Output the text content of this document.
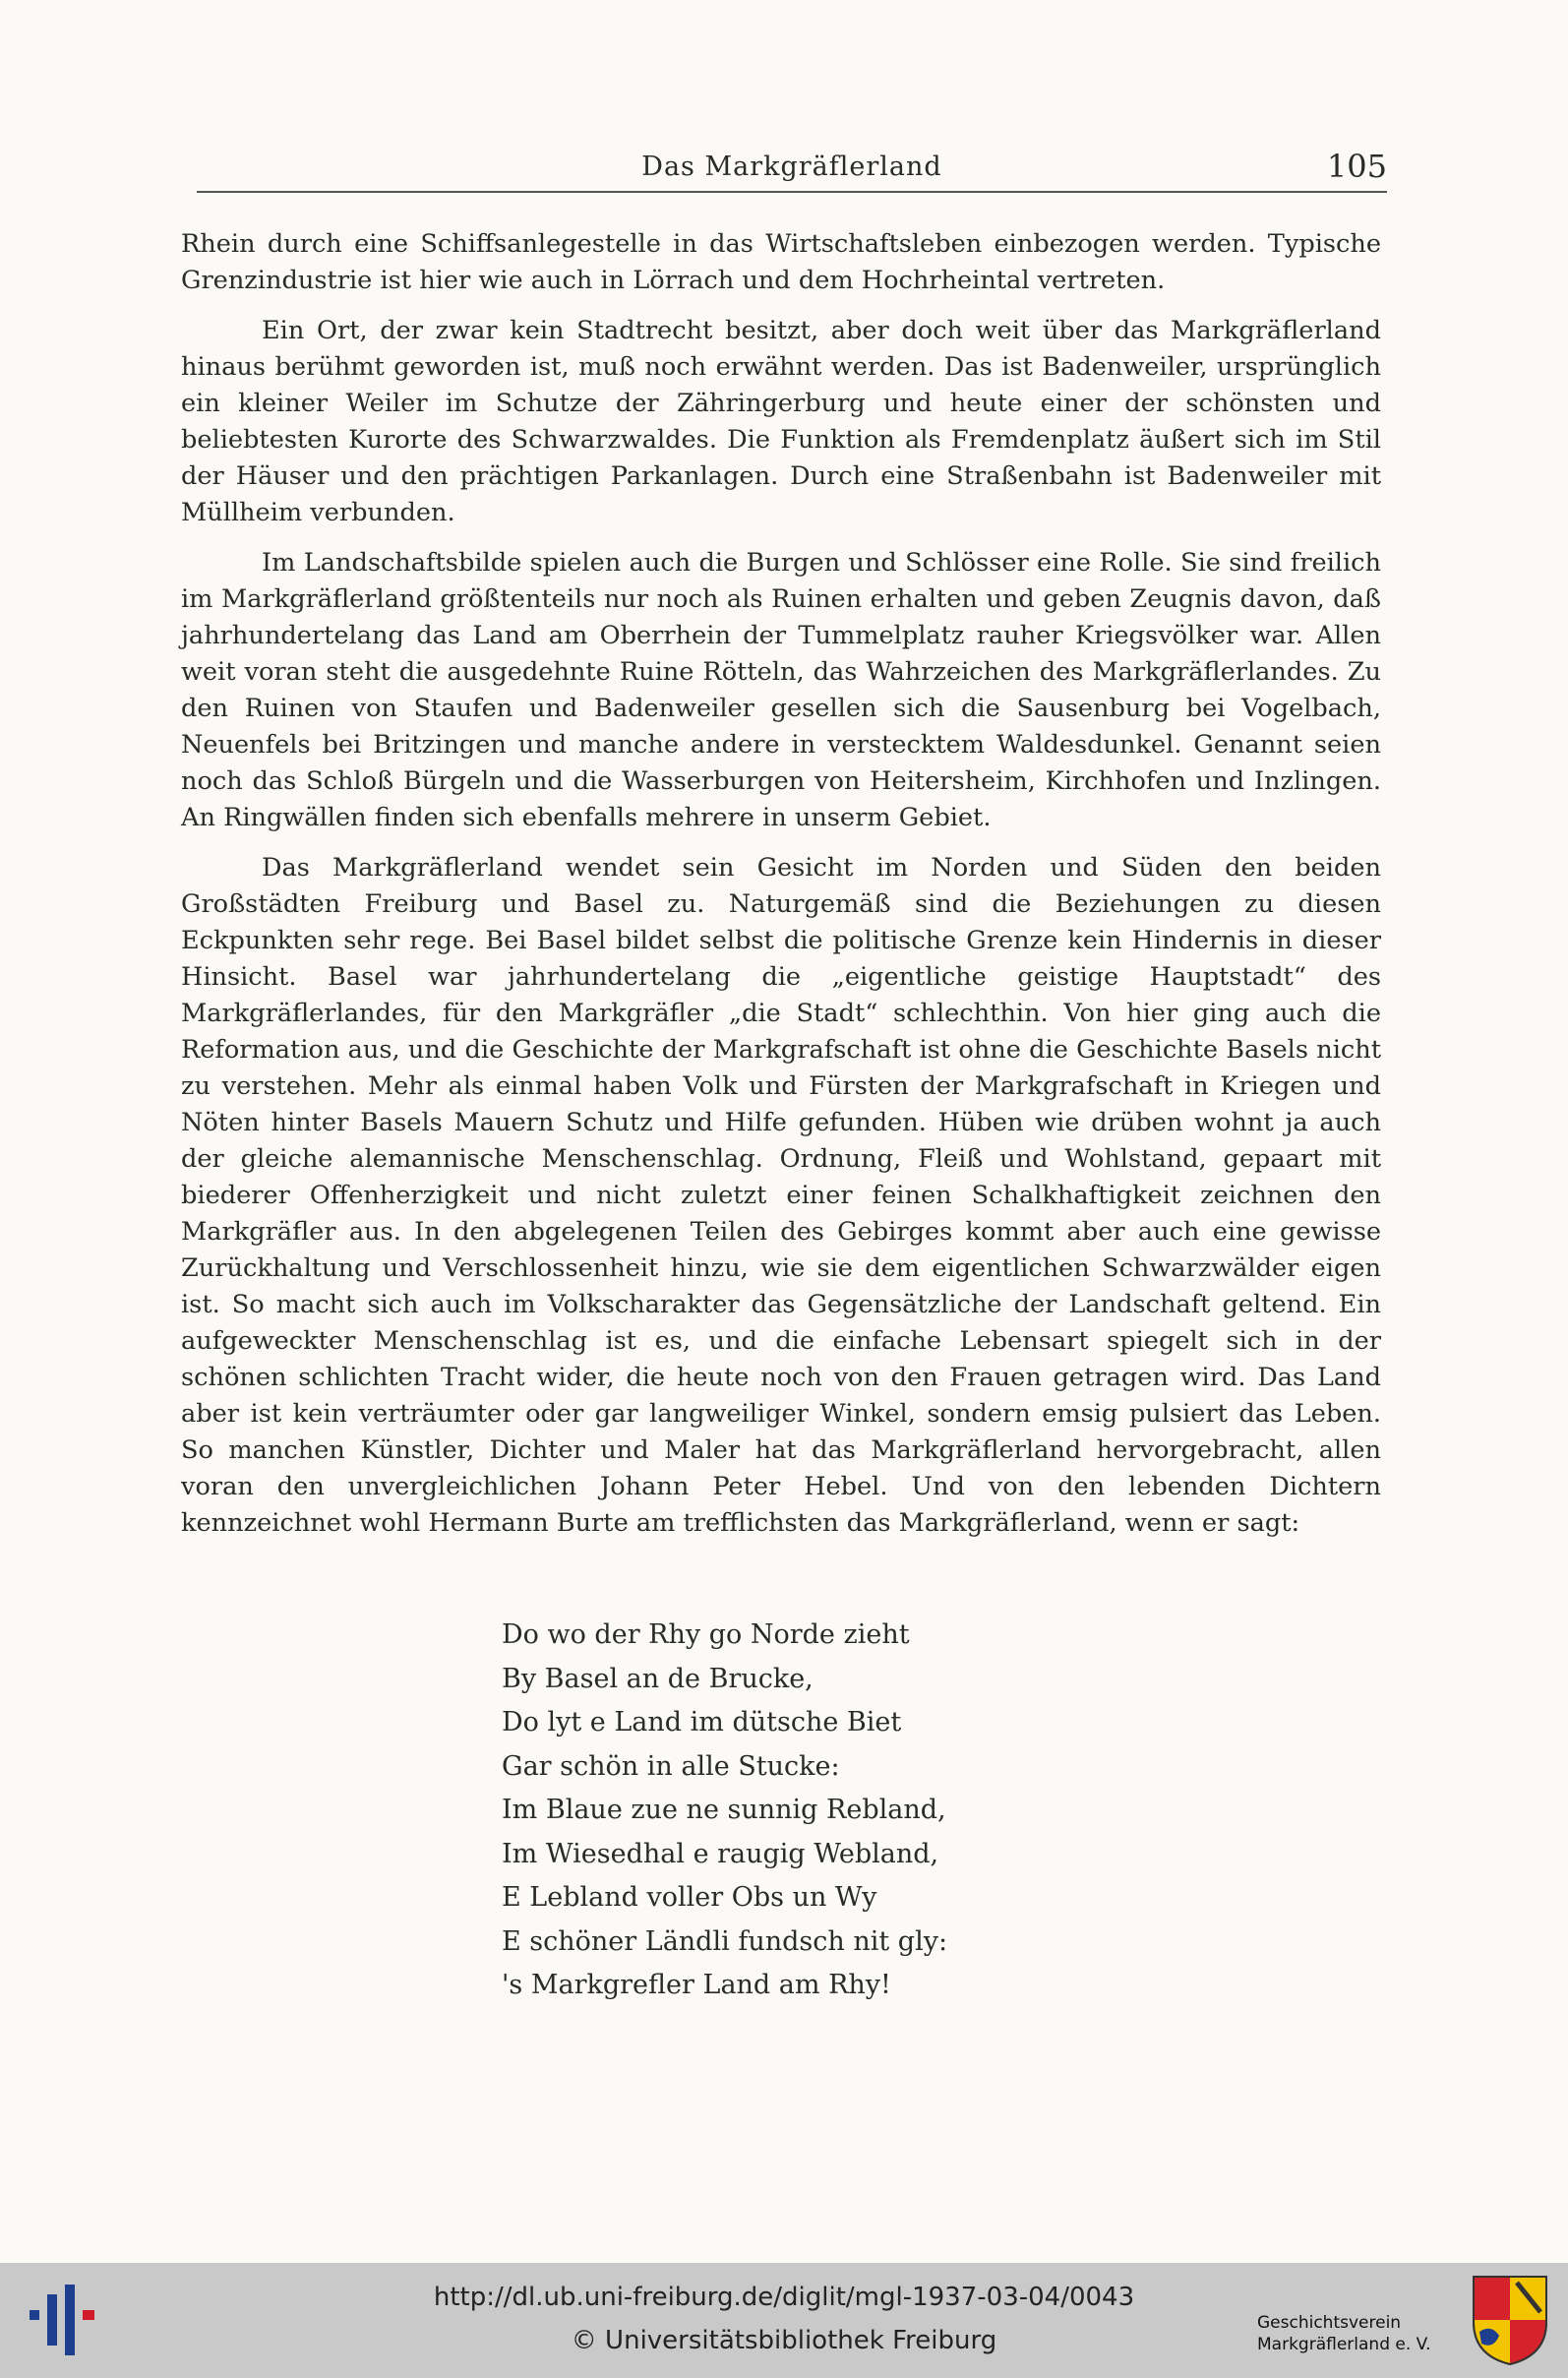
Das Markgräflerland	105

Rhein durch eine Schiffsanlegestelle in das Wirtschaftsleben einbezogen werden. Typische Grenzindustrie ist hier wie auch in Lörrach und dem Hochrheintal vertreten.

Ein Ort, der zwar kein Stadtrecht besitzt, aber doch weit über das Markgräflerland hinaus berühmt geworden ist, muß noch erwähnt werden. Das ist Badenweiler, ursprünglich ein kleiner Weiler im Schutze der Zähringerburg und heute einer der schönsten und beliebtesten Kurorte des Schwarzwaldes. Die Funktion als Fremdenplatz äußert sich im Stil der Häuser und den prächtigen Parkanlagen. Durch eine Straßenbahn ist Badenweiler mit Müllheim verbunden.

Im Landschaftsbilde spielen auch die Burgen und Schlösser eine Rolle. Sie sind freilich im Markgräflerland größtenteils nur noch als Ruinen erhalten und geben Zeugnis davon, daß jahrhundertelang das Land am Oberrhein der Tummelplatz rauher Kriegsvölker war. Allen weit voran steht die ausgedehnte Ruine Rötteln, das Wahrzeichen des Markgräflerlandes. Zu den Ruinen von Staufen und Badenweiler gesellen sich die Sausenburg bei Vogelbach, Neuenfels bei Britzingen und manche andere in verstecktem Waldesdunkel. Genannt seien noch das Schloß Bürgeln und die Wasserburgen von Heitersheim, Kirchhofen und Inzlingen. An Ringwällen finden sich ebenfalls mehrere in unserm Gebiet.

Das Markgräflerland wendet sein Gesicht im Norden und Süden den beiden Großstädten Freiburg und Basel zu. Naturgemäß sind die Beziehungen zu diesen Eckpunkten sehr rege. Bei Basel bildet selbst die politische Grenze kein Hindernis in dieser Hinsicht. Basel war jahrhundertelang die „eigentliche geistige Hauptstadt“ des Markgräflerlandes, für den Markgräfler „die Stadt“ schlechthin. Von hier ging auch die Reformation aus, und die Geschichte der Markgrafschaft ist ohne die Geschichte Basels nicht zu verstehen. Mehr als einmal haben Volk und Fürsten der Markgrafschaft in Kriegen und Nöten hinter Basels Mauern Schutz und Hilfe gefunden. Hüben wie drüben wohnt ja auch der gleiche alemannische Menschenschlag. Ordnung, Fleiß und Wohlstand, gepaart mit biederer Offenherzigkeit und nicht zuletzt einer feinen Schalkhaftigkeit zeichnen den Markgräfler aus. In den abgelegenen Teilen des Gebirges kommt aber auch eine gewisse Zurückhaltung und Verschlossenheit hinzu, wie sie dem eigentlichen Schwarzwälder eigen ist. So macht sich auch im Volkscharakter das Gegensätzliche der Landschaft geltend. Ein aufgeweckter Menschenschlag ist es, und die einfache Lebensart spiegelt sich in der schönen schlichten Tracht wider, die heute noch von den Frauen getragen wird. Das Land aber ist kein verträumter oder gar langweiliger Winkel, sondern emsig pulsiert das Leben. So manchen Künstler, Dichter und Maler hat das Markgräflerland hervorgebracht, allen voran den unvergleichlichen Johann Peter Hebel. Und von den lebenden Dichtern kennzeichnet wohl Hermann Burte am trefflichsten das Markgräflerland, wenn er sagt:

Do wo der Rhy go Norde zieht
By Basel an de Brucke,
Do lyt e Land im dütsche Biet
Gar schön in alle Stucke:
Im Blaue zue ne sunnig Rebland,
Im Wiesedhal e raugig Webland,
E Lebland voller Obs un Wy
E schöner Ländli fundsch nit gly:
's Markgrefler Land am Rhy!
http://dl.ub.uni-freiburg.de/diglit/mgl-1937-03-04/0043
© Universitätsbibliothek Freiburg
Geschichtsverein
Markgräflerland e. V.
